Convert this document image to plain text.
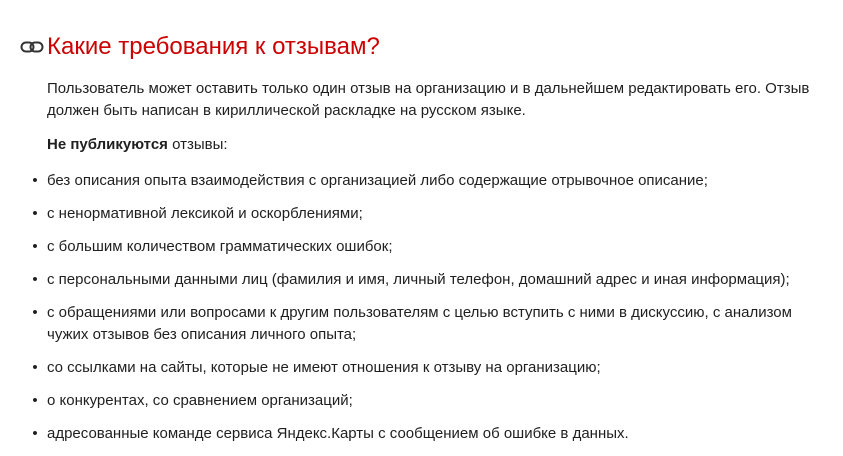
Какие требования к отзывам?

Пользователь может оставить только один отзыв на организацию и в дальнейшем редактировать его. Отзыв должен быть написан в кириллической раскладке на русском языке.

Не публикуются отзывы:

• без описания опыта взаимодействия с организацией либо содержащие отрывочное описание;
• с ненормативной лексикой и оскорблениями;
• с большим количеством грамматических ошибок;
• с персональными данными лиц (фамилия и имя, личный телефон, домашний адрес и иная информация);
• с обращениями или вопросами к другим пользователям с целью вступить с ними в дискуссию, с анализом чужих отзывов без описания личного опыта;
• со ссылками на сайты, которые не имеют отношения к отзыву на организацию;
• о конкурентах, со сравнением организаций;
• адресованные команде сервиса Яндекс.Карты с сообщением об ошибке в данных.
